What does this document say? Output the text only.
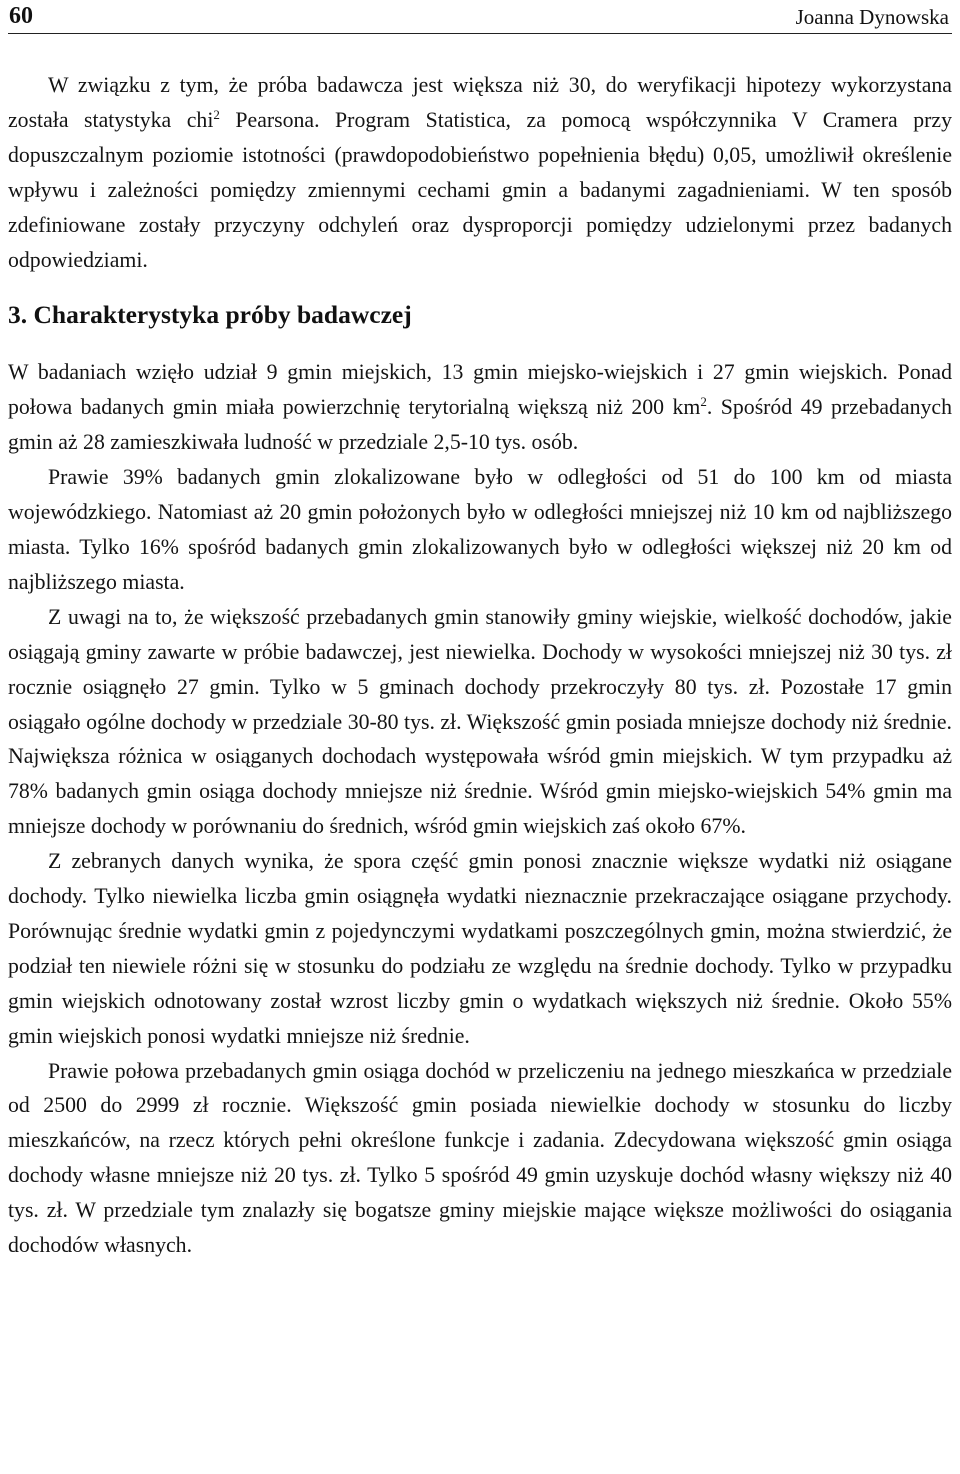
60	Joanna Dynowska

W związku z tym, że próba badawcza jest większa niż 30, do weryfikacji hipotezy wykorzystana została statystyka chi$^2$ Pearsona. Program Statistica, za pomocą współczynnika V Cramera przy dopuszczalnym poziomie istotności (prawdopodobieństwo popełnienia błędu) 0,05, umożliwił określenie wpływu i zależności pomiędzy zmiennymi cechami gmin a badanymi zagadnieniami. W ten sposób zdefiniowane zostały przyczyny odchyleń oraz dysproporcji pomiędzy udzielonymi przez badanych odpowiedziami.

3. Charakterystyka próby badawczej

W badaniach wzięło udział 9 gmin miejskich, 13 gmin miejsko-wiejskich i 27 gmin wiejskich. Ponad połowa badanych gmin miała powierzchnię terytorialną większą niż 200 $km^2$. Spośród 49 przebadanych gmin aż 28 zamieszkiwała ludność w przedziale 2,5-10 tys. osób.

Prawie 39% badanych gmin zlokalizowane było w odległości od 51 do 100 km od miasta wojewódzkiego. Natomiast aż 20 gmin położonych było w odległości mniejszej niż 10 km od najbliższego miasta. Tylko 16% spośród badanych gmin zlokalizowanych było w odległości większej niż 20 km od najbliższego miasta.

Z uwagi na to, że większość przebadanych gmin stanowiły gminy wiejskie, wielkość dochodów, jakie osiągają gminy zawarte w próbie badawczej, jest niewielka. Dochody w wysokości mniejszej niż 30 tys. zł rocznie osiągnęło 27 gmin. Tylko w 5 gminach dochody przekroczyły 80 tys. zł. Pozostałe 17 gmin osiągało ogólne dochody w przedziale 30-80 tys. zł. Większość gmin posiada mniejsze dochody niż średnie. Największa różnica w osiąganych dochodach występowała wśród gmin miejskich. W tym przypadku aż 78% badanych gmin osiąga dochody mniejsze niż średnie. Wśród gmin miejsko-wiejskich 54% gmin ma mniejsze dochody w porównaniu do średnich, wśród gmin wiejskich zaś około 67%.

Z zebranych danych wynika, że spora część gmin ponosi znacznie większe wydatki niż osiągane dochody. Tylko niewielka liczba gmin osiągnęła wydatki nieznacznie przekraczające osiągane przychody. Porównując średnie wydatki gmin z pojedynczymi wydatkami poszczególnych gmin, można stwierdzić, że podział ten niewiele różni się w stosunku do podziału ze względu na średnie dochody. Tylko w przypadku gmin wiejskich odnotowany został wzrost liczby gmin o wydatkach większych niż średnie. Około 55% gmin wiejskich ponosi wydatki mniejsze niż średnie.

Prawie połowa przebadanych gmin osiąga dochód w przeliczeniu na jednego mieszkańca w przedziale od 2500 do 2999 zł rocznie. Większość gmin posiada niewielkie dochody w stosunku do liczby mieszkańców, na rzecz których pełni określone funkcje i zadania. Zdecydowana większość gmin osiąga dochody własne mniejsze niż 20 tys. zł. Tylko 5 spośród 49 gmin uzyskuje dochód własny większy niż 40 tys. zł. W przedziale tym znalazły się bogatsze gminy miejskie mające większe możliwości do osiągania dochodów własnych.
